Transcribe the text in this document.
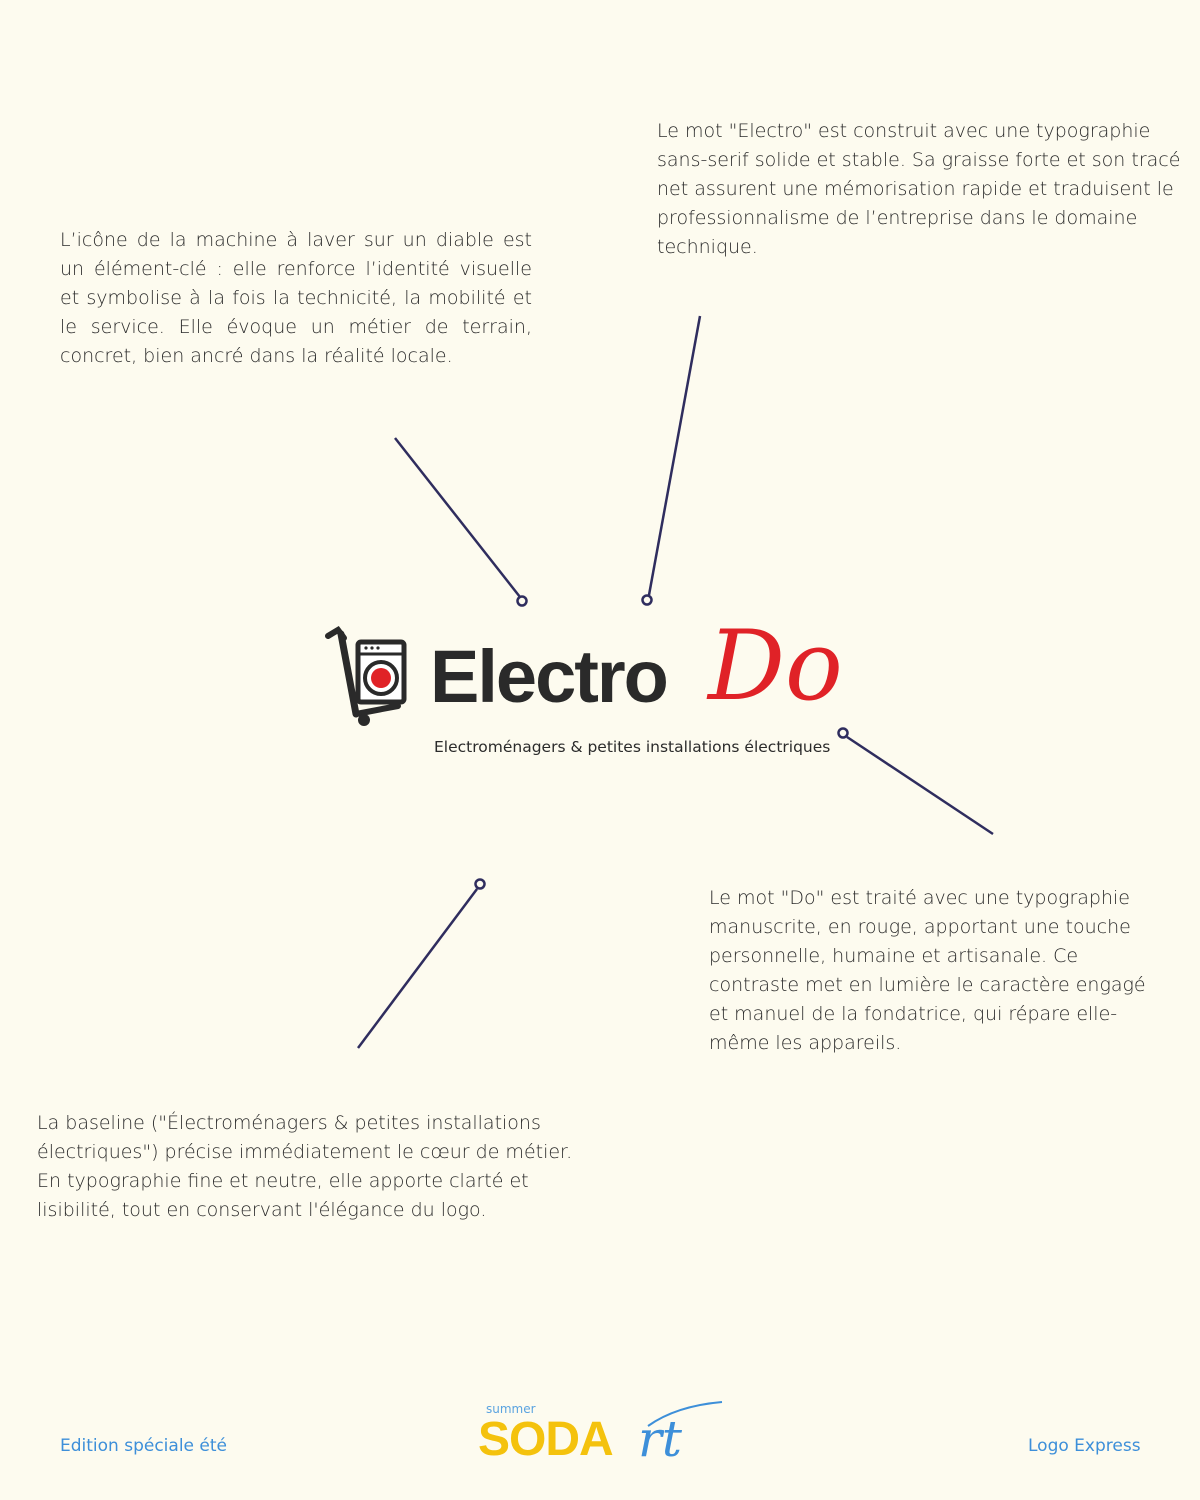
L’icône de la machine à laver sur un diable est un élément-clé : elle renforce l’identité visuelle et symbolise à la fois la technicité, la mobilité et le service. Elle évoque un métier de terrain, concret, bien ancré dans la réalité locale.
Le mot "Electro" est construit avec une typographie sans-serif solide et stable. Sa graisse forte et son tracé net assurent une mémorisation rapide et traduisent le professionnalisme de l’entreprise dans le domaine technique.
Le mot "Do" est traité avec une typographie manuscrite, en rouge, apportant une touche personnelle, humaine et artisanale. Ce contraste met en lumière le caractère engagé et manuel de la fondatrice, qui répare elle-même les appareils.
La baseline ("Électroménagers & petites installations électriques") précise immédiatement le cœur de métier. En typographie fine et neutre, elle apporte clarté et lisibilité, tout en conservant l'élégance du logo.
Electro Do
Electroménagers & petites installations électriques
Edition spéciale été	Logo Express
summer
SODA rt
